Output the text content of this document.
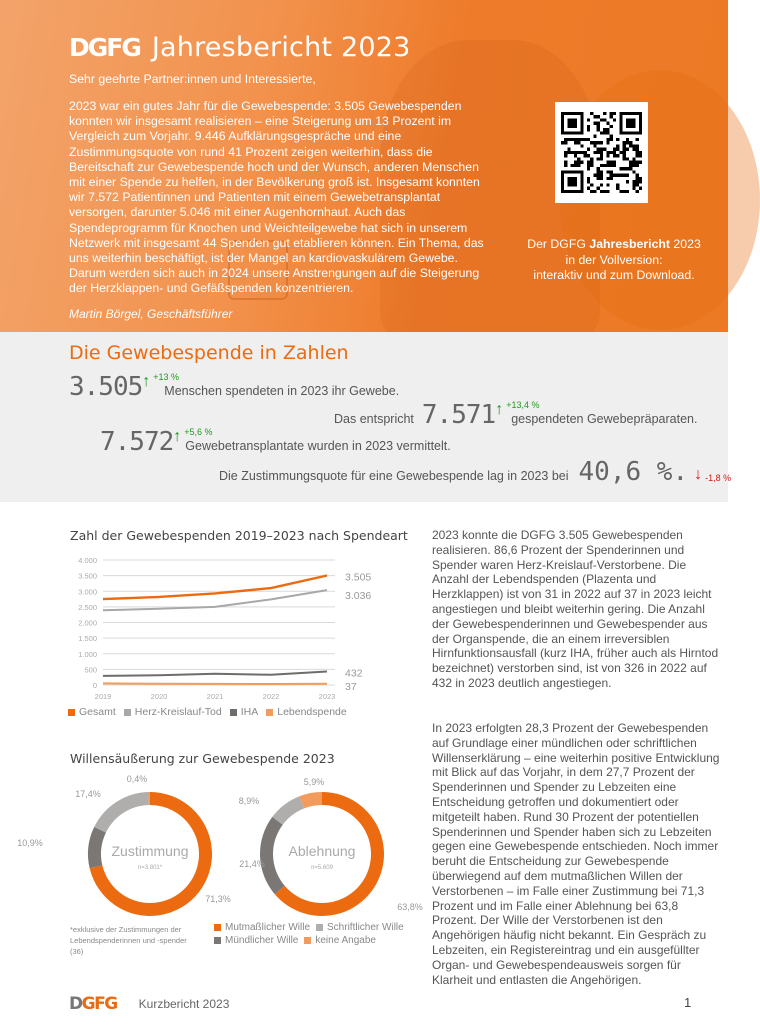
DGFG Jahresbericht 2023
Sehr geehrte Partner:innen und Interessierte,
2023 war ein gutes Jahr für die Gewebespende: 3.505 Gewebespenden konnten wir insgesamt realisieren – eine Steigerung um 13 Prozent im Vergleich zum Vorjahr. 9.446 Aufklärungsgespräche und eine Zustimmungsquote von rund 41 Prozent zeigen weiterhin, dass die Bereitschaft zur Gewebespende hoch und der Wunsch, anderen Menschen mit einer Spende zu helfen, in der Bevölkerung groß ist. Insgesamt konnten wir 7.572 Patientinnen und Patienten mit einem Gewebetransplantat versorgen, darunter 5.046 mit einer Augenhornhaut. Auch das Spendeprogramm für Knochen und Weichteilgewebe hat sich in unserem Netzwerk mit insgesamt 44 Spenden gut etablieren können. Ein Thema, das uns weiterhin beschäftigt, ist der Mangel an kardiovaskulärem Gewebe. Darum werden sich auch in 2024 unsere Anstrengungen auf die Steigerung der Herzklappen- und Gefäßspenden konzentrieren.
Martin Börgel, Geschäftsführer
Der DGFG Jahresbericht 2023
in der Vollversion:
interaktiv und zum Download.
Die Gewebespende in Zahlen
3.505 ↑ +13 %
Menschen spendeten in 2023 ihr Gewebe.
Das entspricht 7.571 ↑ +13,4 %
gespendeten Gewebepräparaten.
7.572 ↑ +5,6 %
Gewebetransplantate wurden in 2023 vermittelt.
Die Zustimmungsquote für eine Gewebespende lag in 2023 bei 40,6 %. ↓ -1,8 %
Zahl der Gewebespenden 2019–2023 nach Spendeart
0
500
1.000
1.500
2.000
2.500
3.000
3.500
4.000
2019	2020	2021	2022	2023
3.505
3.036
432
37
Gesamt	Herz-Kreislauf-Tod	IHA	Lebendspende
Willensäußerung zur Gewebespende 2023
71,3%
10,9%
17,4%
0,4%
Zustimmung
n=3.801*
63,8%
21,4%
8,9%
5,9%
Ablehnung
n=5.609
*exklusive der Zustimmungen der Lebendspenderinnen und -spender (36)
Mutmaßlicher Wille	Schriftlicher Wille
Mündlicher Wille	keine Angabe
2023 konnte die DGFG 3.505 Gewebespenden realisieren. 86,6 Prozent der Spenderinnen und Spender waren Herz-Kreislauf-Verstorbene. Die Anzahl der Lebendspenden (Plazenta und Herzklappen) ist von 31 in 2022 auf 37 in 2023 leicht angestiegen und bleibt weiterhin gering. Die Anzahl der Gewebespenderinnen und Gewebespender aus der Organspende, die an einem irreversiblen Hirnfunktionsausfall (kurz IHA, früher auch als Hirntod bezeichnet) verstorben sind, ist von 326 in 2022 auf 432 in 2023 deutlich angestiegen.
In 2023 erfolgten 28,3 Prozent der Gewebespenden auf Grundlage einer mündlichen oder schriftlichen Willenserklärung – eine weiterhin positive Entwicklung mit Blick auf das Vorjahr, in dem 27,7 Prozent der Spenderinnen und Spender zu Lebzeiten eine Entscheidung getroffen und dokumentiert oder mitgeteilt haben. Rund 30 Prozent der potentiellen Spenderinnen und Spender haben sich zu Lebzeiten gegen eine Gewebespende entschieden. Noch immer beruht die Entscheidung zur Gewebespende überwiegend auf dem mutmaßlichen Willen der Verstorbenen – im Falle einer Zustimmung bei 71,3 Prozent und im Falle einer Ablehnung bei 63,8 Prozent. Der Wille der Verstorbenen ist den Angehörigen häufig nicht bekannt. Ein Gespräch zu Lebzeiten, ein Registereintrag und ein ausgefüllter Organ- und Gewebespendeausweis sorgen für Klarheit und entlasten die Angehörigen.
DGFG Kurzbericht 2023	1
